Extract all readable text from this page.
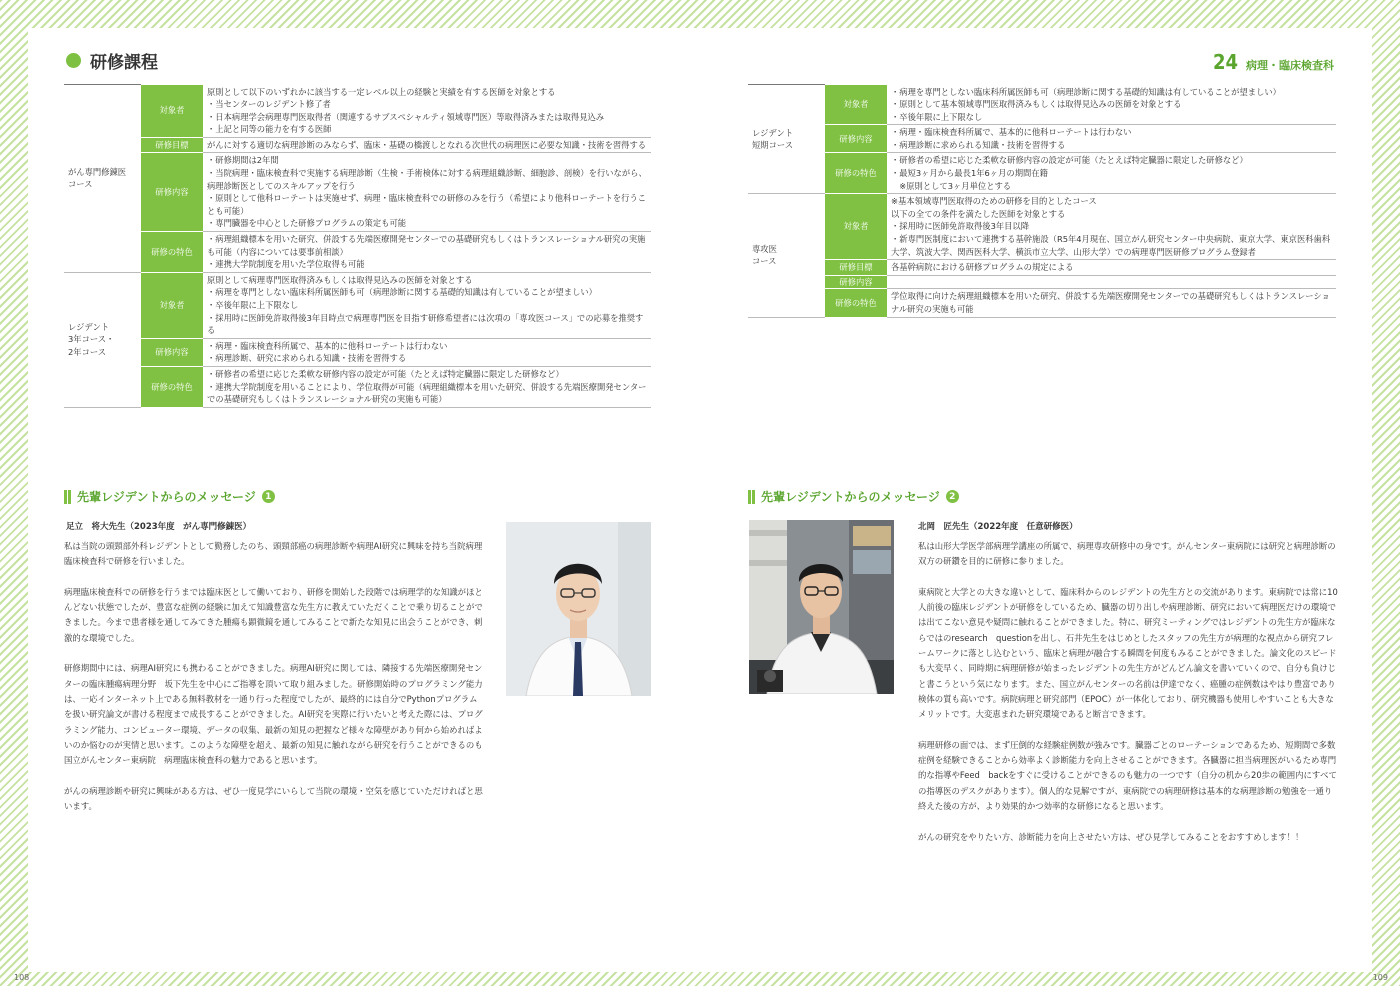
研修課程
がん専門修錬医
コース	対象者	原則として以下のいずれかに該当する一定レベル以上の経験と実績を有する医師を対象とする
・当センターのレジデント修了者
・日本病理学会病理専門医取得者（関連するサブスペシャルティ領域専門医）等取得済みまたは取得見込み
・上記と同等の能力を有する医師

	研修目標	がんに対する適切な病理診断のみならず、臨床・基礎の橋渡しとなれる次世代の病理医に必要な知識・技術を習得する

	研修内容	・研修期間は2年間
・当院病理・臨床検査科で実施する病理診断（生検・手術検体に対する病理組織診断、細胞診、剖検）を行いながら、病理診断医としてのスキルアップを行う
・原則として他科ローテートは実施せず、病理・臨床検査科での研修のみを行う（希望により他科ローテートを行うことも可能）
・専門臓器を中心とした研修プログラムの策定も可能

	研修の特色	・病理組織標本を用いた研究、併設する先端医療開発センターでの基礎研究もしくはトランスレーショナル研究の実施も可能（内容については要事前相談）
・連携大学院制度を用いた学位取得も可能

レジデント
3年コース・
2年コース	対象者	原則として病理専門医取得済みもしくは取得見込みの医師を対象とする
・病理を専門としない臨床科所属医師も可（病理診断に関する基礎的知識は有していることが望ましい）
・卒後年限に上下限なし
・採用時に医師免許取得後3年目時点で病理専門医を目指す研修希望者には次項の「専攻医コース」での応募を推奨する

	研修内容	・病理・臨床検査科所属で、基本的に他科ローテートは行わない
・病理診断、研究に求められる知識・技術を習得する

	研修の特色	・研修者の希望に応じた柔軟な研修内容の設定が可能（たとえば特定臓器に限定した研修など）
・連携大学院制度を用いることにより、学位取得が可能（病理組織標本を用いた研究、併設する先端医療開発センターでの基礎研究もしくはトランスレーショナル研究の実施も可能）
先輩レジデントからのメッセージ	1
足立　将大先生（2023年度　がん専門修錬医）

私は当院の頭頸部外科レジデントとして勤務したのち、頭頸部癌の病理診断や病理AI研究に興味を持ち当院病理臨床検査科で研修を行いました。

病理臨床検査科での研修を行うまでは臨床医として働いており、研修を開始した段階では病理学的な知識がほとんどない状態でしたが、豊富な症例の経験に加えて知識豊富な先生方に教えていただくことで乗り切ることができました。今まで患者様を通してみてきた腫瘍も顕微鏡を通してみることで新たな知見に出会うことができ、刺激的な環境でした。

研修期間中には、病理AI研究にも携わることができました。病理AI研究に関しては、隣接する先端医療開発センターの臨床腫瘍病理分野　坂下先生を中心にご指導を頂いて取り組みました。研修開始時のプログラミング能力は、一応インターネット上である無料教材を一通り行った程度でしたが、最終的には自分でPythonプログラムを扱い研究論文が書ける程度まで成長することができました。AI研究を実際に行いたいと考えた際には、プログラミング能力、コンピューター環境、データの収集、最新の知見の把握など様々な障壁があり何から始めればよいのか悩むのが実情と思います。このような障壁を超え、最新の知見に触れながら研究を行うことができるのも国立がんセンター東病院　病理臨床検査科の魅力であると思います。

がんの病理診断や研究に興味がある方は、ぜひ一度見学にいらして当院の環境・空気を感じていただければと思います。

108
24 病理・臨床検査科
レジデント
短期コース	対象者	・病理を専門としない臨床科所属医師も可（病理診断に関する基礎的知識は有していることが望ましい）
・原則として基本領域専門医取得済みもしくは取得見込みの医師を対象とする
・卒後年限に上下限なし

	研修内容	・病理・臨床検査科所属で、基本的に他科ローテートは行わない
・病理診断に求められる知識・技術を習得する

	研修の特色	・研修者の希望に応じた柔軟な研修内容の設定が可能（たとえば特定臓器に限定した研修など）
・最短3ヶ月から最長1年6ヶ月の期間在籍
　※原則として3ヶ月単位とする

専攻医
コース	対象者	※基本領域専門医取得のための研修を目的としたコース
以下の全ての条件を満たした医師を対象とする
・採用時に医師免許取得後3年目以降
・新専門医制度において連携する基幹施設（R5年4月現在、国立がん研究センター中央病院、東京大学、東京医科歯科大学、筑波大学、関西医科大学、横浜市立大学、山形大学）での病理専門医研修プログラム登録者

	研修目標	各基幹病院における研修プログラムの規定による

	研修内容	
	研修の特色	学位取得に向けた病理組織標本を用いた研究、併設する先端医療開発センターでの基礎研究もしくはトランスレーショナル研究の実施も可能
先輩レジデントからのメッセージ	2
北岡　匠先生（2022年度　任意研修医）

私は山形大学医学部病理学講座の所属で、病理専攻研修中の身です。がんセンター東病院には研究と病理診断の双方の研鑽を目的に研修に参りました。

東病院と大学との大きな違いとして、臨床科からのレジデントの先生方との交流があります。東病院では常に10人前後の臨床レジデントが研修をしているため、臓器の切り出しや病理診断、研究において病理医だけの環境では出てこない意見や疑問に触れることができました。特に、研究ミーティングではレジデントの先生方が臨床ならではのresearch　questionを出し、石井先生をはじめとしたスタッフの先生方が病理的な視点から研究フレームワークに落とし込むという、臨床と病理が融合する瞬間を何度もみることができました。論文化のスピードも大変早く、同時期に病理研修が始まったレジデントの先生方がどんどん論文を書いていくので、自分も負けじと書こうという気になります。また、国立がんセンターの名前は伊達でなく、癌腫の症例数はやはり豊富であり検体の質も高いです。病院病理と研究部門（EPOC）が一体化しており、研究機器も使用しやすいことも大きなメリットです。大変恵まれた研究環境であると断言できます。

病理研修の面では、まず圧倒的な経験症例数が強みです。臓器ごとのローテーションであるため、短期間で多数症例を経験できることから効率よく診断能力を向上させることができます。各臓器に担当病理医がいるため専門的な指導やFeed　backをすぐに受けることができるのも魅力の一つです（自分の机から20歩の範囲内にすべての指導医のデスクがあります）。個人的な見解ですが、東病院での病理研修は基本的な病理診断の勉強を一通り終えた後の方が、より効果的かつ効率的な研修になると思います。

がんの研究をやりたい方、診断能力を向上させたい方は、ぜひ見学してみることをおすすめします！！

109
